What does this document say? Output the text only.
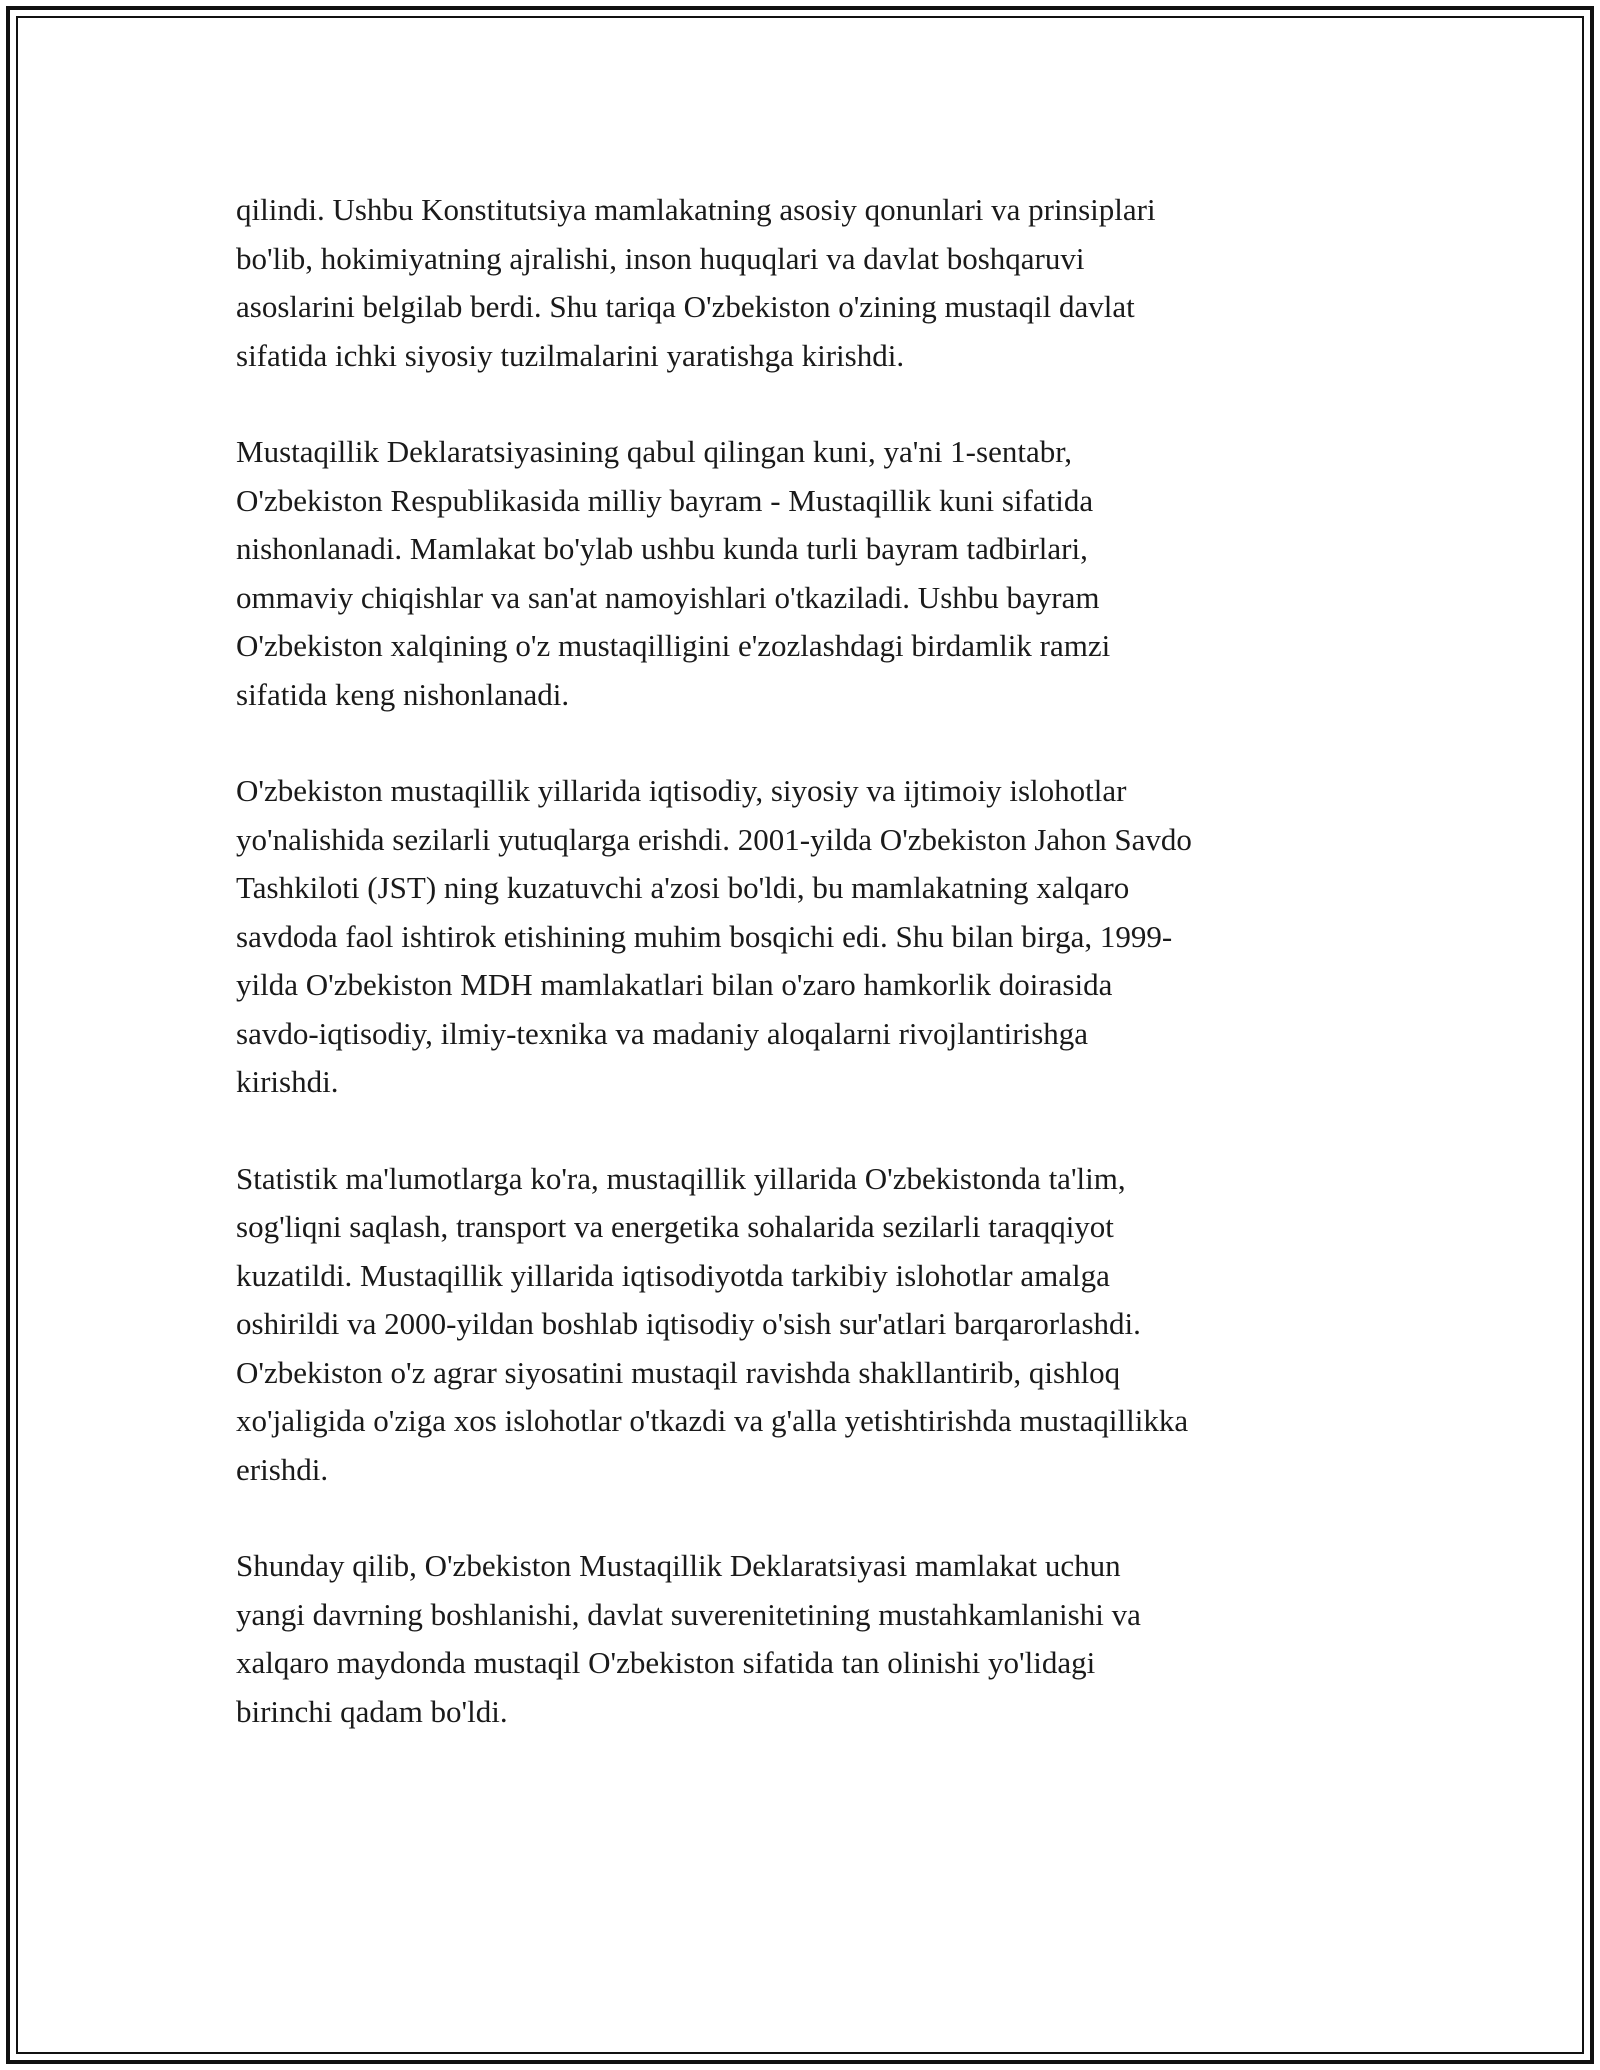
qilindi. Ushbu Konstitutsiya mamlakatning asosiy qonunlari va prinsiplari
bo'lib, hokimiyatning ajralishi, inson huquqlari va davlat boshqaruvi
asoslarini belgilab berdi. Shu tariqa O'zbekiston o'zining mustaqil davlat
sifatida ichki siyosiy tuzilmalarini yaratishga kirishdi.

Mustaqillik Deklaratsiyasining qabul qilingan kuni, ya'ni 1-sentabr,
O'zbekiston Respublikasida milliy bayram - Mustaqillik kuni sifatida
nishonlanadi. Mamlakat bo'ylab ushbu kunda turli bayram tadbirlari,
ommaviy chiqishlar va san'at namoyishlari o'tkaziladi. Ushbu bayram
O'zbekiston xalqining o'z mustaqilligini e'zozlashdagi birdamlik ramzi
sifatida keng nishonlanadi.

O'zbekiston mustaqillik yillarida iqtisodiy, siyosiy va ijtimoiy islohotlar
yo'nalishida sezilarli yutuqlarga erishdi. 2001-yilda O'zbekiston Jahon Savdo
Tashkiloti (JST) ning kuzatuvchi a'zosi bo'ldi, bu mamlakatning xalqaro
savdoda faol ishtirok etishining muhim bosqichi edi. Shu bilan birga, 1999-
yilda O'zbekiston MDH mamlakatlari bilan o'zaro hamkorlik doirasida
savdo-iqtisodiy, ilmiy-texnika va madaniy aloqalarni rivojlantirishga
kirishdi.

Statistik ma'lumotlarga ko'ra, mustaqillik yillarida O'zbekistonda ta'lim,
sog'liqni saqlash, transport va energetika sohalarida sezilarli taraqqiyot
kuzatildi. Mustaqillik yillarida iqtisodiyotda tarkibiy islohotlar amalga
oshirildi va 2000-yildan boshlab iqtisodiy o'sish sur'atlari barqarorlashdi.
O'zbekiston o'z agrar siyosatini mustaqil ravishda shakllantirib, qishloq
xo'jaligida o'ziga xos islohotlar o'tkazdi va g'alla yetishtirishda mustaqillikka
erishdi.

Shunday qilib, O'zbekiston Mustaqillik Deklaratsiyasi mamlakat uchun
yangi davrning boshlanishi, davlat suverenitetining mustahkamlanishi va
xalqaro maydonda mustaqil O'zbekiston sifatida tan olinishi yo'lidagi
birinchi qadam bo'ldi.
